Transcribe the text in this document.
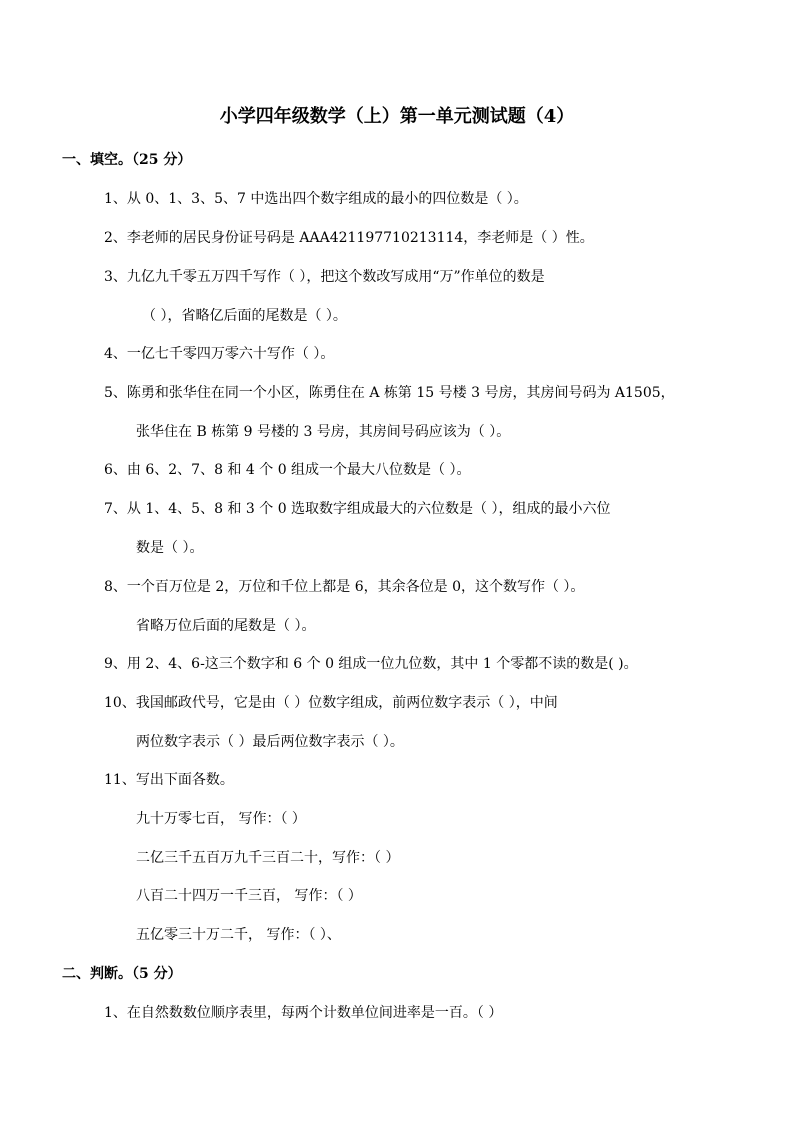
小学四年级数学（上）第一单元测试题（4）
一、填空。（25 分）
1、从 0、1、3、5、7 中选出四个数字组成的最小的四位数是（ ）。
2、李老师的居民身份证号码是 AAA421197710213114，李老师是（ ）性。
3、九亿九千零五万四千写作（ ），把这个数改写成用“万”作单位的数是
（ ），省略亿后面的尾数是（ ）。
4、一亿七千零四万零六十写作（ ）。
5、陈勇和张华住在同一个小区，陈勇住在 A 栋第 15 号楼 3 号房，其房间号码为 A1505，
张华住在 B 栋第 9 号楼的 3 号房，其房间号码应该为（ ）。
6、由 6、2、7、8 和 4 个 0 组成一个最大八位数是（ ）。
7、从 1、4、5、8 和 3 个 0 选取数字组成最大的六位数是（ ），组成的最小六位
数是（ ）。
8、一个百万位是 2，万位和千位上都是 6，其余各位是 0，这个数写作（ ）。
省略万位后面的尾数是（ ）。
9、用 2、4、6-这三个数字和 6 个 0 组成一位九位数，其中 1 个零都不读的数是( )。
10、我国邮政代号，它是由（ ）位数字组成，前两位数字表示（ ），中间
两位数字表示（ ）最后两位数字表示（ ）。
11、写出下面各数。
九十万零七百， 写作：（ ）
二亿三千五百万九千三百二十，写作：（ ）
八百二十四万一千三百， 写作：（ ）
五亿零三十万二千， 写作：（ ）、
二、判断。（5 分）
1、在自然数数位顺序表里，每两个计数单位间进率是一百。（ ）
